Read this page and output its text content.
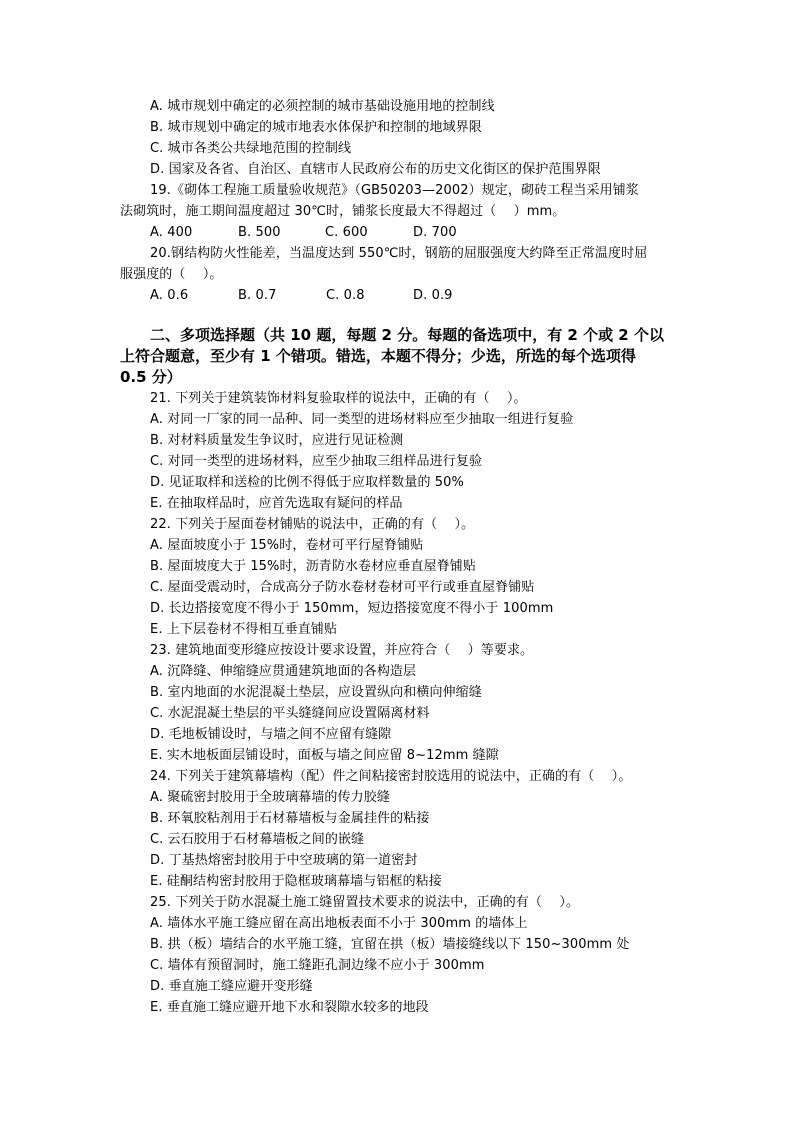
A. 城市规划中确定的必须控制的城市基础设施用地的控制线
B. 城市规划中确定的城市地表水体保护和控制的地域界限
C. 城市各类公共绿地范围的控制线
D. 国家及各省、自治区、直辖市人民政府公布的历史文化街区的保护范围界限
19.《砌体工程施工质量验收规范》（GB50203—2002）规定，砌砖工程当采用铺浆
法砌筑时，施工期间温度超过 30℃时，铺浆长度最大不得超过（　 ）mm。
A. 400	B. 500	C. 600	D. 700
20.钢结构防火性能差，当温度达到 550℃时，钢筋的屈服强度大约降至正常温度时屈
服强度的（　 ）。
A. 0.6	B. 0.7	C. 0.8	D. 0.9
二、多项选择题（共 10 题，每题 2 分。每题的备选项中，有 2 个或 2 个以
上符合题意，至少有 1 个错项。错选，本题不得分；少选，所选的每个选项得
0.5 分）
21. 下列关于建筑装饰材料复验取样的说法中，正确的有（　 ）。
A. 对同一厂家的同一品种、同一类型的进场材料应至少抽取一组进行复验
B. 对材料质量发生争议时，应进行见证检测
C. 对同一类型的进场材料，应至少抽取三组样品进行复验
D. 见证取样和送检的比例不得低于应取样数量的 50%
E. 在抽取样品时，应首先选取有疑问的样品
22. 下列关于屋面卷材铺贴的说法中，正确的有（　 ）。
A. 屋面坡度小于 15%时，卷材可平行屋脊铺贴
B. 屋面坡度大于 15%时，沥青防水卷材应垂直屋脊铺贴
C. 屋面受震动时，合成高分子防水卷材卷材可平行或垂直屋脊铺贴
D. 长边搭接宽度不得小于 150mm，短边搭接宽度不得小于 100mm
E. 上下层卷材不得相互垂直铺贴
23. 建筑地面变形缝应按设计要求设置，并应符合（　 ）等要求。
A. 沉降缝、伸缩缝应贯通建筑地面的各构造层
B. 室内地面的水泥混凝土垫层，应设置纵向和横向伸缩缝
C. 水泥混凝土垫层的平头缝缝间应设置隔离材料
D. 毛地板铺设时，与墙之间不应留有缝隙
E. 实木地板面层铺设时，面板与墙之间应留 8~12mm 缝隙
24. 下列关于建筑幕墙构（配）件之间粘接密封胶选用的说法中，正确的有（　 ）。
A. 聚硫密封胶用于全玻璃幕墙的传力胶缝
B. 环氧胶粘剂用于石材幕墙板与金属挂件的粘接
C. 云石胶用于石材幕墙板之间的嵌缝
D. 丁基热熔密封胶用于中空玻璃的第一道密封
E. 硅酮结构密封胶用于隐框玻璃幕墙与铝框的粘接
25. 下列关于防水混凝土施工缝留置技术要求的说法中，正确的有（　 ）。
A. 墙体水平施工缝应留在高出地板表面不小于 300mm 的墙体上
B. 拱（板）墙结合的水平施工缝，宜留在拱（板）墙接缝线以下 150~300mm 处
C. 墙体有预留洞时，施工缝距孔洞边缘不应小于 300mm
D. 垂直施工缝应避开变形缝
E. 垂直施工缝应避开地下水和裂隙水较多的地段
